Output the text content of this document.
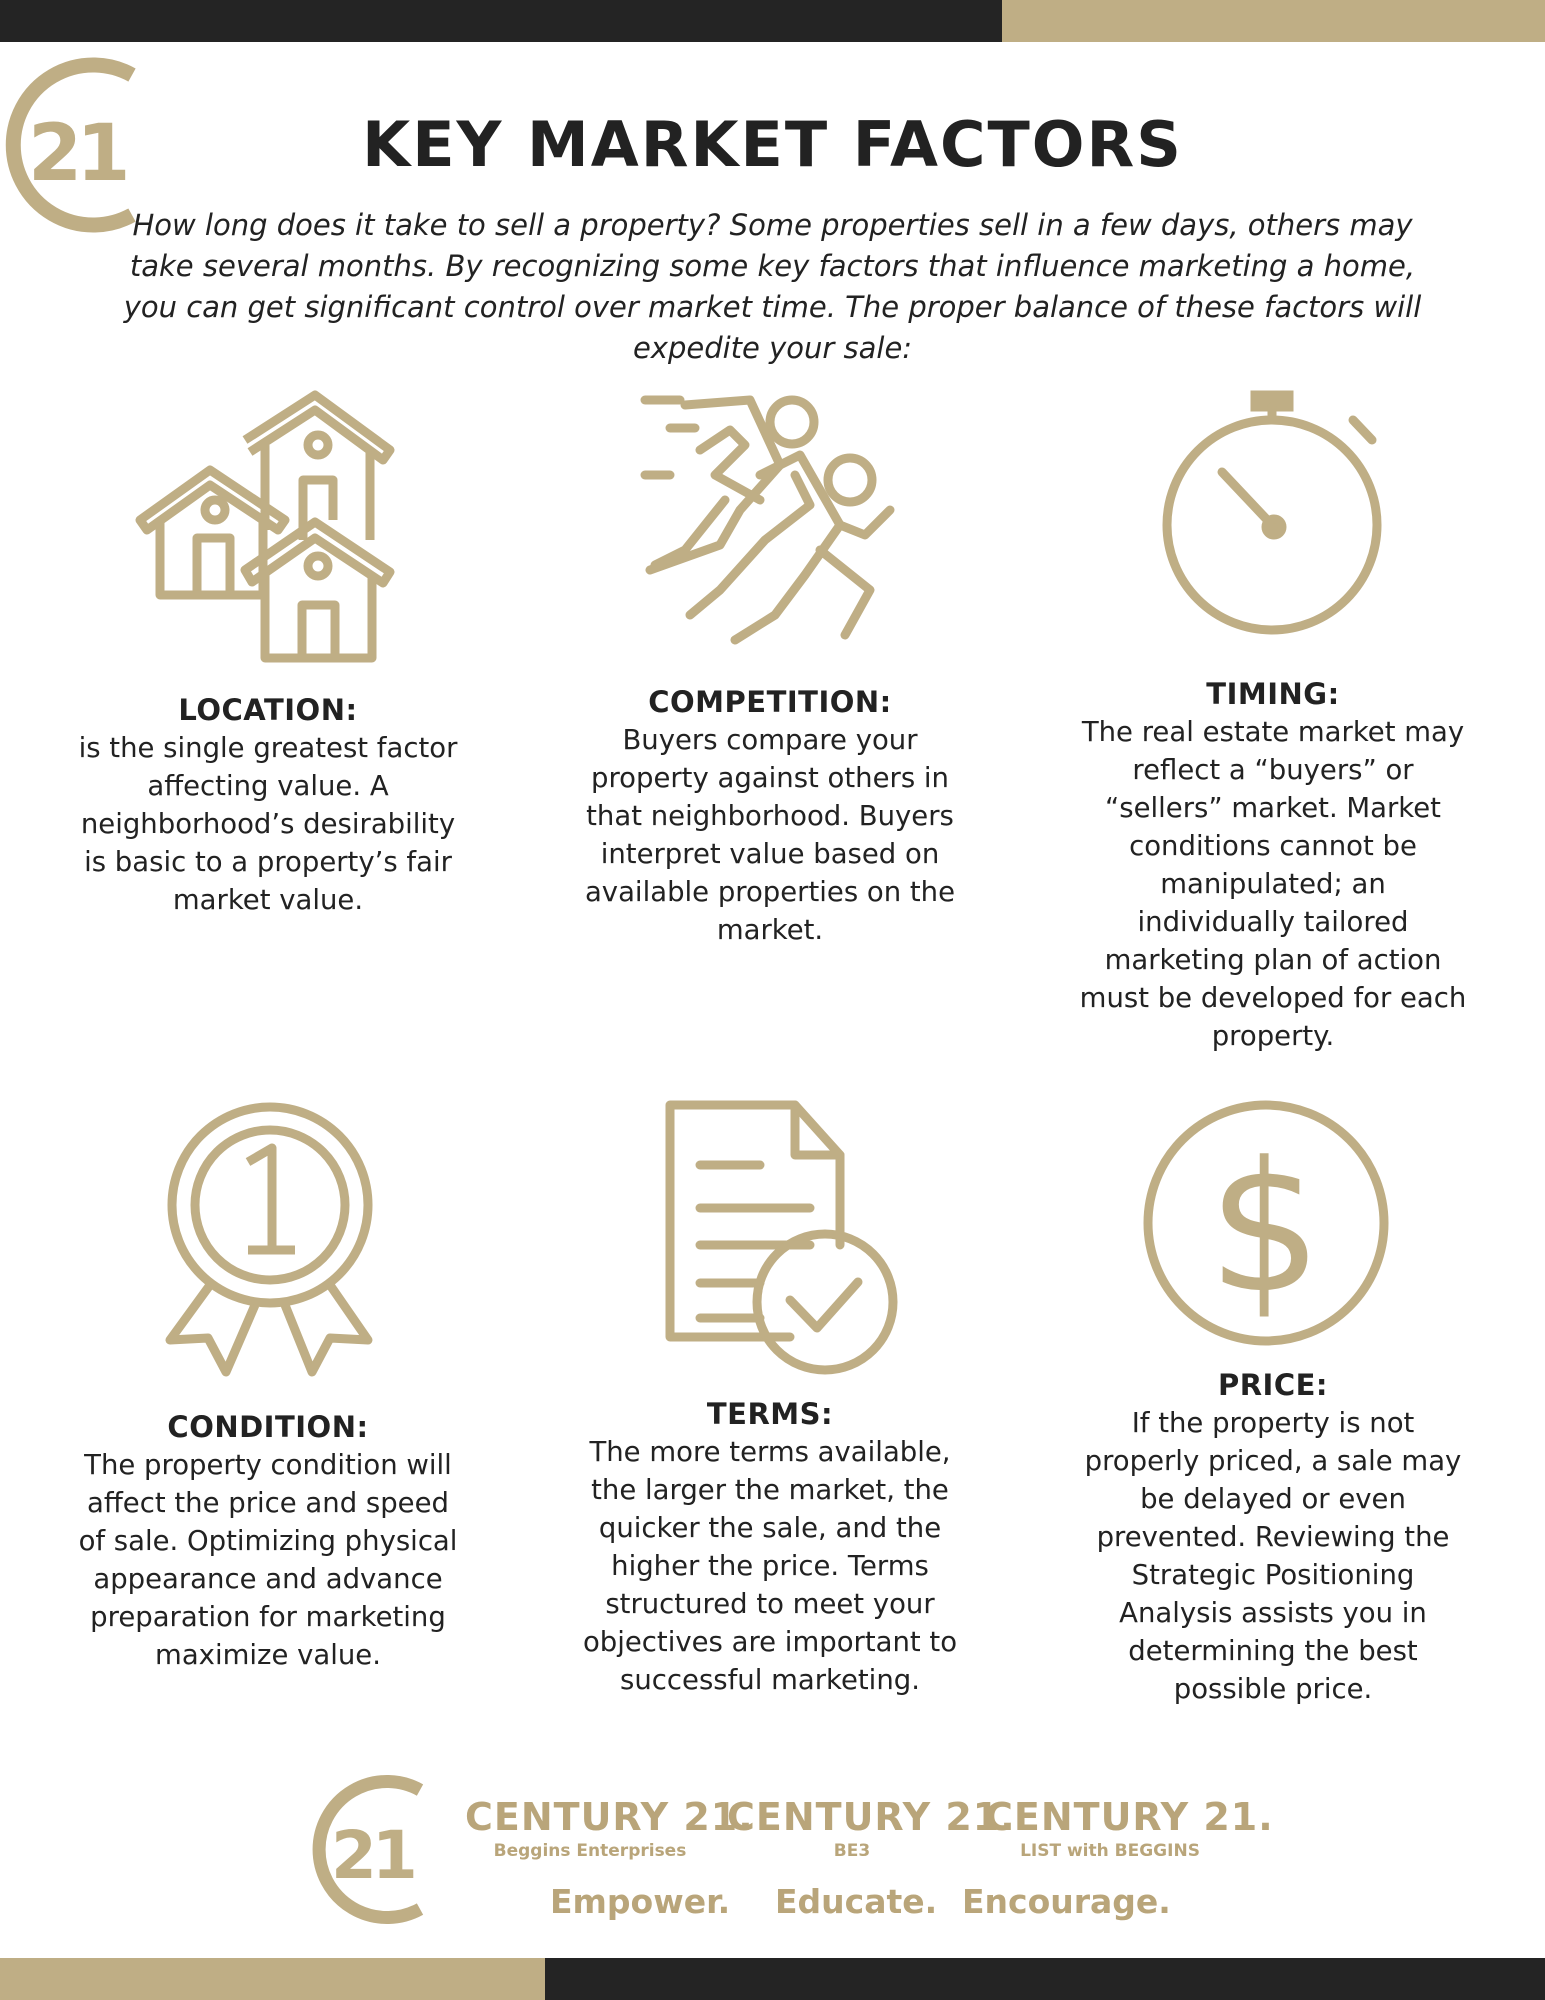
21	KEY MARKET FACTORS

How long does it take to sell a property? Some properties sell in a few days, others may take several months. By recognizing some key factors that influence marketing a home, you can get significant control over market time. The proper balance of these factors will expedite your sale:

$
LOCATION:

is the single greatest factor affecting value. A neighborhood’s desirability is basic to a property’s fair market value.

COMPETITION:

Buyers compare your property against others in that neighborhood. Buyers interpret value based on available properties on the market.

TIMING:

The real estate market may reflect a “buyers” or “sellers” market. Market conditions cannot be manipulated; an individually tailored marketing plan of action must be developed for each property.

CONDITION:

The property condition will affect the price and speed of sale. Optimizing physical appearance and advance preparation for marketing maximize value.

TERMS:

The more terms available, the larger the market, the quicker the sale, and the higher the price. Terms structured to meet your objectives are important to successful marketing.

PRICE:

If the property is not properly priced, a sale may be delayed or even prevented. Reviewing the Strategic Positioning Analysis assists you in determining the best possible price.

21 CENTURY 21.
Beggins Enterprises
CENTURY 21.
BE3
CENTURY 21.
LIST with BEGGINS
Empower. Educate. Encourage.
